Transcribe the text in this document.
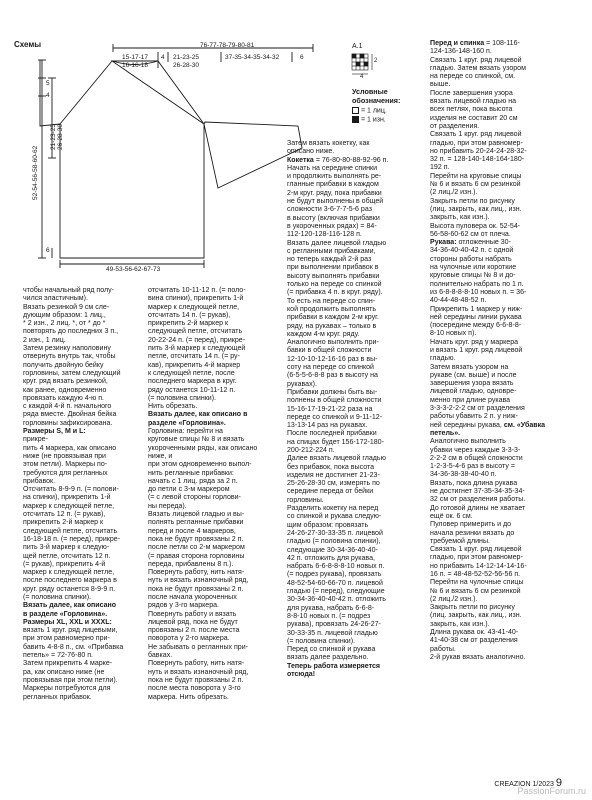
Схемы	76-77-78-79-80-81
15-17-17
16-16-18
4 21-23-25
26-28-30
37-35-34-35-34-32	6
5
4
21-23-25
26-28-30
52-54-56-58-60-62
6
49-53-56-62-67-73
A.1
2
4
Условные обозначения:
= 1 лиц.
= 1 изн.

чтобы начальный ряд полу-
чился эластичным).

Вязать резинкой 9 см сле-
дующим образом: 1 лиц.,
* 2 изн., 2 лиц. *, от * до *
повторять до последних 3 п.,
2 изн., 1 лиц.

Затем резинку наполовину
отвернуть внутрь так, чтобы
получить двойную бейку
горловины, затем следующий
круг. ряд вязать резинкой,
как ранее, одновременно
провязать каждую 4-ю п.
с каждой 4-й п. начального
ряда вместе. Двойная бейка
горловины зафиксирована.

Размеры S, M и L:

прикре-
пить 4 маркера, как описано
ниже (не провязывая при
этом петли). Маркеры по-
требуются для регланных
прибавок.

Отсчитать 8-9-9 п. (= полови-
на спинки), прикрепить 1-й
маркер к следующей петле,
отсчитать 12 п. (= рукав),
прикрепить 2-й маркер к
следующей петле, отсчитать
16-18-18 п. (= перед), прикре-
пить 3-й маркер к следую-
щей петле, отсчитать 12 п.
(= рукав), прикрепить 4-й
маркер к следующей петле,
после последнего маркера в
круг. ряду останется 8-9-9 п.
(= половина спинки).

Вязать далее, как описано
в разделе «Горловина».

Размеры XL, XXL и XXXL:

вязать 1 круг. ряд лицевыми,
при этом равномерно при-
бавить 4-8-8 п., см. «Прибавка
петель» = 72-76-80 п.

Затем прикрепить 4 марке-
ра, как описано ниже (не
провязывая при этом петли).
Маркеры потребуются для
регланных прибавок.

отсчитать 10-11-12 п. (= поло-
вина спинки), прикрепить 1-й
маркер к следующей петле,
отсчитать 14 п. (= рукав),
прикрепить 2-й маркер к
следующей петле, отсчитать
20-22-24 п. (= перед), прикре-
пить 3-й маркер к следующей
петле, отсчитать 14 п. (= ру-
кав), прикрепить 4-й маркер
к следующей петле, после
последнего маркера в круг.
ряду останется 10-11-12 п.
(= половина спинки).
Нить обрезать.

Вязать далее, как описано в
разделе «Горловина».

Горловина: перейти на
круговые спицы № 8 и вязать
укороченными ряды, как описано ниже, и
при этом одновременно выпол-
нить регланные прибавки:
начать с 1 лиц. ряда за 2 п.
до петли с 3-м маркером
(= с левой стороны горлови-
ны переда).

Вязать лицевой гладью и вы-
полнять регланные прибавки
перед и после 4 маркеров,
пока не будут провязаны 2 п.
после петли со 2-м маркером
(= правая сторона горловины
переда, прибавлены 8 п.).

Повернуть работу, нить натя-
нуть и вязать изнаночный ряд,
пока не будут провязаны 2 п.
после начала укороченных
рядов у 3-го маркера.

Повернуть работу и вязать
лицевой ряд, пока не будут
провязаны 2 п. после места
поворота у 2-го маркера.
Не забывать о регланных при-
бавках.

Повернуть работу, нить натя-
нуть и вязать изнаночный ряд,
пока не будут провязаны 2 п.
после места поворота у 3-го
маркера. Нить обрезать.

Затем вязать кокетку, как
описано ниже.

Кокетка = 76-80-80-88-92-96 п.
Начать на середине спинки
и продолжить выполнять ре-
гланные прибавки в каждом
2-м круг. ряду, пока прибавки
не будут выполнены в общей
сложности 3-6-7-7-5-6 раз
в высоту (включая прибавки
в укороченных рядах) = 84-
112-120-128-116-128 п.

Вязать далее лицевой гладью
с регланными прибавками,
но теперь каждый 2-й раз
при выполнении прибавок в
высоту выполнять прибавки
только на переде со спинкой
(= прибавка 4 п. в круг. ряду).

То есть на переде со спин-
кой продолжить выполнять
прибавки в каждом 2-м круг.
ряду, на рукавах – только в
каждом 4-м круг. ряду.

Аналогично выполнить при-
бавки в общей сложности
12-10-10-12-16-16 раз в вы-
соту на переде со спинкой
(6-5-5-6-8-8 раз в высоту на
рукавах).

Прибавки должны быть вы-
полнены в общей сложности
15-16-17-19-21-22 раза на
переде со спинкой и 9-11-12-
13-13-14 раз на рукавах.

После последней прибавки
на спицах будет 156-172-180-
200-212-224 п.

Далее вязать лицевой гладью
без прибавок, пока высота
изделия не достигнет 21-23-
25-26-28-30 см, измерять по
середине переда от бейки
горловины.

Разделить кокетку на перед
со спинкой и рукава следую-
щим образом: провязать
24-26-27-30-33-35 п. лицевой
гладью (= половина спинки),
следующие 30-34-36-40-40-
42 п. отложить для рукава,
набрать 6-6-8-8-8-10 новых п.
(= подрез рукава), провязать
48-52-54-60-66-70 п. лицевой
гладью (= перед), следующие
30-34-36-40-40-42 п. отложить
для рукава, набрать 6-6-8-
8-8-10 новых п. (= подрез
рукава), провязать 24-26-27-
30-33-35 п. лицевой гладью
(= половина спинки).

Перед со спинкой и рукава
вязать далее раздельно.

Теперь работа измеряется
отсюда!

Перед и спинка = 108-116-
124-136-148-160 п.
Связать 1 круг. ряд лицевой
гладью. Затем вязать узором
на переде со спинкой, см.
выше.

После завершения узора
вязать лицевой гладью на
всех петлях, пока высота
изделия не составит 20 см
от разделения.

Связать 1 круг. ряд лицевой
гладью, при этом равномер-
но прибавить 20-24-24-28-32-
32 п. = 128-140-148-164-180-
192 п.

Перейти на круговые спицы
№ 6 и вязать 6 см резинкой
(2 лиц./2 изн.).

Закрыть петли по рисунку
(лиц. закрыть, как лиц., изн.
закрыть, как изн.).

Высота пуловера ок. 52-54-
56-58-60-62 см от плеча.

Рукава: отложенные 30-
34-36-40-40-42 п. с одной
стороны работы набрать
на чулочные или короткие
круговые спицы № 8 и до-
полнительно набрать по 1 п.
из 6-8-8-8-8-10 новых п. = 36-
40-44-48-48-52 п.

Прикрепить 1 маркер у ниж-
ней середины линии рукава
(посередине между 6-6-8-8-
8-10 новых п).

Начать круг. ряд у маркера
и вязать 1 круг. ряд лицевой
гладью.

Затем вязать узором на
рукаве (см. выше) и после
завершения узора вязать
лицевой гладью, одновре-
менно при длине рукава
3-3-3-2-2-2 см от разделения
работы убавить 2 п. у ниж-
ней середины рукава, см. «Убавка петель».

Аналогично выполнить
убавки через каждые 3-3-3-
2-2-2 см в общей сложности
1-2-3-5-4-6 раз в высоту =
34-36-38-38-40-40 п.

Вязать, пока длина рукава
не достигнет 37-35-34-35-34-
32 см от разделения работы.

До готовой длины не хватает
ещё ок. 6 см.

Пуловер примерить и до
начала резинки вязать до
требуемой длины.

Связать 1 круг. ряд лицевой
гладью, при этом равномер-
но прибавить 14-12-14-14-16-
16 п. = 48-48-52-52-56-56 п.

Перейти на чулочные спицы
№ 6 и вязать 6 см резинкой
(2 лиц./2 изн.).

Закрыть петли по рисунку
(лиц. закрыть, как лиц., изн.
закрыть, как изн.).

Длина рукава ок. 43-41-40-
41-40-38 см от разделения
работы.

2-й рукав вязать аналогично.

CREAZION 1/2023 9
PassionForum.ru
